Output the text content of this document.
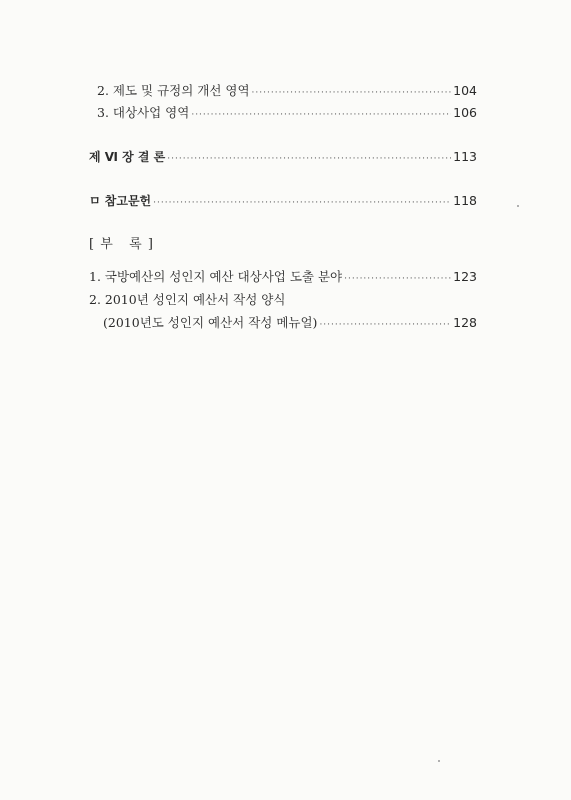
2. 제도 및 규정의 개선 영역 ·····	104
3. 대상사업 영역 ·····	106
제 Ⅵ 장 결 론 ·····	113
ㅁ 참고문헌 ·····	118
[ 부   록 ]
1. 국방예산의 성인지 예산 대상사업 도출 분야 ·····	123
2. 2010년 성인지 예산서 작성 양식
(2010년도 성인지 예산서 작성 메뉴얼) ·····	128
